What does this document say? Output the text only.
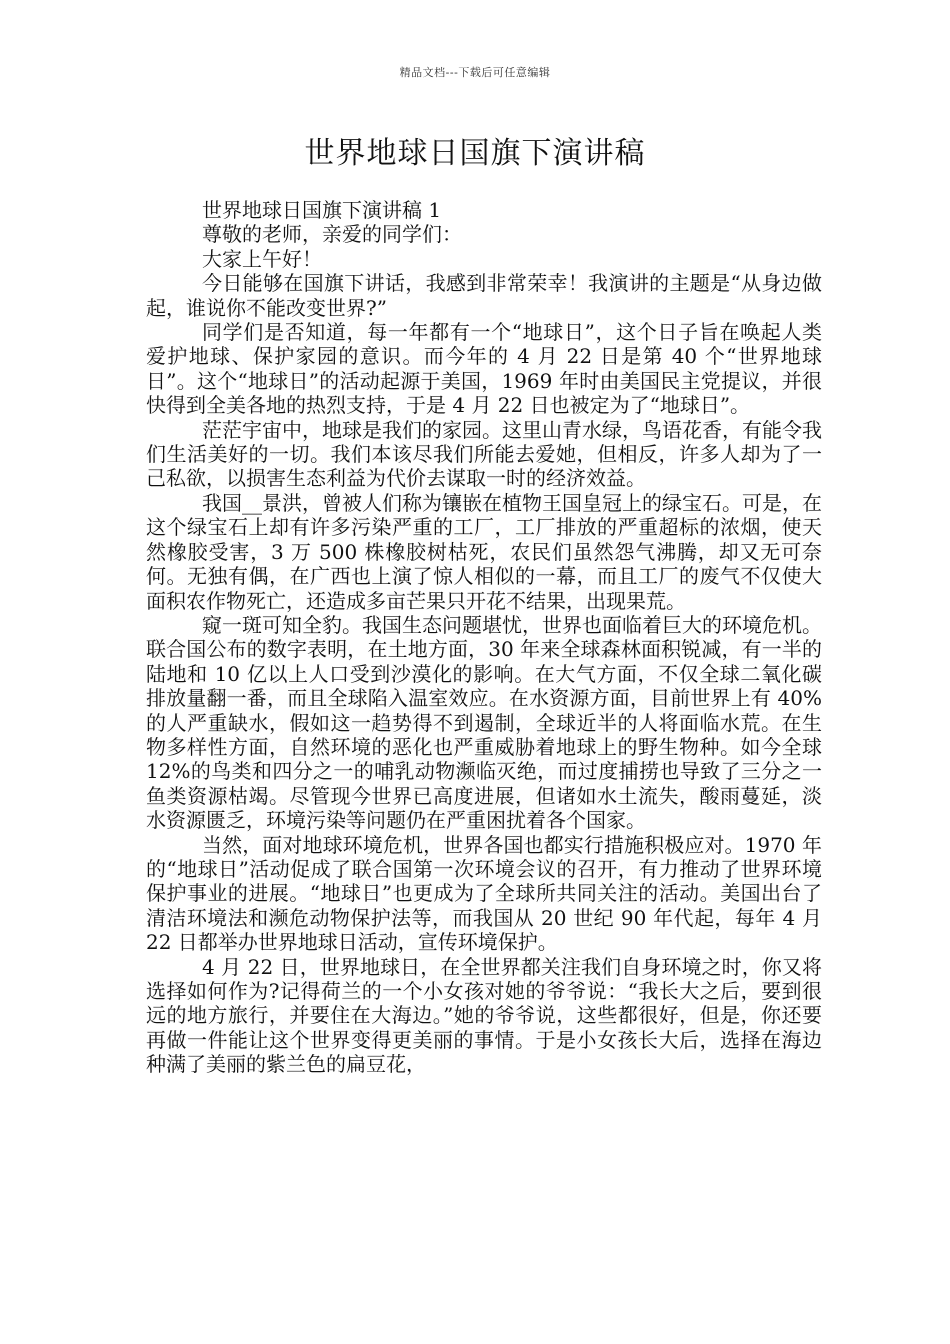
精品文档---下载后可任意编辑
世界地球日国旗下演讲稿

世界地球日国旗下演讲稿 1

尊敬的老师，亲爱的同学们：

大家上午好！

今日能够在国旗下讲话，我感到非常荣幸！我演讲的主题是“从身边做起，谁说你不能改变世界?”

同学们是否知道，每一年都有一个“地球日”，这个日子旨在唤起人类爱护地球、保护家园的意识。而今年的 4 月 22 日是第 40 个“世界地球日”。这个“地球日”的活动起源于美国，1969 年时由美国民主党提议，并很快得到全美各地的热烈支持，于是 4 月 22 日也被定为了“地球日”。

茫茫宇宙中，地球是我们的家园。这里山青水绿，鸟语花香，有能令我们生活美好的一切。我们本该尽我们所能去爱她，但相反，许多人却为了一己私欲，以损害生态利益为代价去谋取一时的经济效益。

我国__景洪，曾被人们称为镶嵌在植物王国皇冠上的绿宝石。可是，在这个绿宝石上却有许多污染严重的工厂，工厂排放的严重超标的浓烟，使天然橡胶受害，3 万 500 株橡胶树枯死，农民们虽然怨气沸腾，却又无可奈何。无独有偶，在广西也上演了惊人相似的一幕，而且工厂的废气不仅使大面积农作物死亡，还造成多亩芒果只开花不结果，出现果荒。

窥一斑可知全豹。我国生态问题堪忧，世界也面临着巨大的环境危机。联合国公布的数字表明，在土地方面，30 年来全球森林面积锐减，有一半的陆地和 10 亿以上人口受到沙漠化的影响。在大气方面，不仅全球二氧化碳排放量翻一番，而且全球陷入温室效应。在水资源方面，目前世界上有 40%的人严重缺水，假如这一趋势得不到遏制，全球近半的人将面临水荒。在生物多样性方面，自然环境的恶化也严重威胁着地球上的野生物种。如今全球 12%的鸟类和四分之一的哺乳动物濒临灭绝，而过度捕捞也导致了三分之一鱼类资源枯竭。尽管现今世界已高度进展，但诸如水土流失，酸雨蔓延，淡水资源匮乏，环境污染等问题仍在严重困扰着各个国家。

当然，面对地球环境危机，世界各国也都实行措施积极应对。1970 年的“地球日”活动促成了联合国第一次环境会议的召开，有力推动了世界环境保护事业的进展。“地球日”也更成为了全球所共同关注的活动。美国出台了清洁环境法和濒危动物保护法等，而我国从 20 世纪 90 年代起，每年 4 月 22 日都举办世界地球日活动，宣传环境保护。

4 月 22 日，世界地球日，在全世界都关注我们自身环境之时，你又将选择如何作为?记得荷兰的一个小女孩对她的爷爷说：“我长大之后，要到很远的地方旅行，并要住在大海边。”她的爷爷说，这些都很好，但是，你还要再做一件能让这个世界变得更美丽的事情。于是小女孩长大后，选择在海边种满了美丽的紫兰色的扁豆花，
